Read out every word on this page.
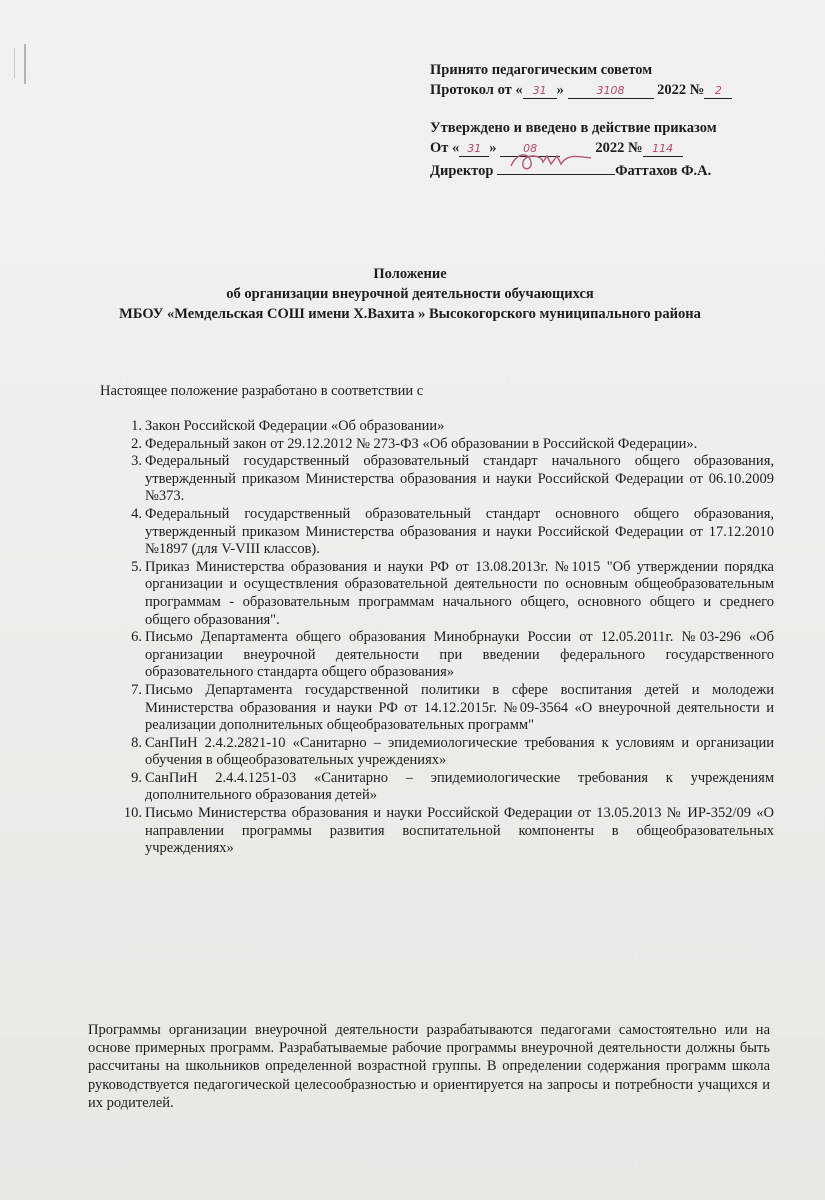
Принято педагогическим советом
Протокол от « 31 »	3108 2022 № 2
Утверждено и введено в действие приказом
От « 31 » 08	2022 № 114
Директор	Фаттахов Ф.А.
Положение
об организации внеурочной деятельности обучающихся
МБОУ «Мемдельская СОШ имени Х.Вахита » Высокогорского муниципального района
Настоящее положение разработано в соответствии с
1. Закон Российской Федерации «Об образовании»
2. Федеральный закон от 29.12.2012 № 273-ФЗ «Об образовании в Российской Федерации».
3. Федеральный государственный образовательный стандарт начального общего образования, утвержденный приказом Министерства образования и науки Российской Федерации от 06.10.2009 №373.
4. Федеральный государственный образовательный стандарт основного общего образования, утвержденный приказом Министерства образования и науки Российской Федерации от 17.12.2010 №1897 (для V-VIII классов).
5. Приказ Министерства образования и науки РФ от 13.08.2013г. №1015 "Об утверждении порядка организации и осуществления образовательной деятельности по основным общеобразовательным программам - образовательным программам начального общего, основного общего и среднего общего образования".
6. Письмо Департамента общего образования Минобрнауки России от 12.05.2011г. №03-296 «Об организации внеурочной деятельности при введении федерального государственного образовательного стандарта общего образования»
7. Письмо Департамента государственной политики в сфере воспитания детей и молодежи Министерства образования и науки РФ от 14.12.2015г. №09-3564 «О внеурочной деятельности и реализации дополнительных общеобразовательных программ"
8. СанПиН 2.4.2.2821-10 «Санитарно – эпидемиологические требования к условиям и организации обучения в общеобразовательных учреждениях»
9. СанПиН 2.4.4.1251-03 «Санитарно – эпидемиологические требования к учреждениям дополнительного образования детей»
10. Письмо Министерства образования и науки Российской Федерации от 13.05.2013 № ИР-352/09 «О направлении программы развития воспитательной компоненты в общеобразовательных учреждениях»
Программы организации внеурочной деятельности разрабатываются педагогами самостоятельно или на основе примерных программ. Разрабатываемые рабочие программы внеурочной деятельности должны быть рассчитаны на школьников определенной возрастной группы. В определении содержания программ школа руководствуется педагогической целесообразностью и ориентируется на запросы и потребности учащихся и их родителей.
